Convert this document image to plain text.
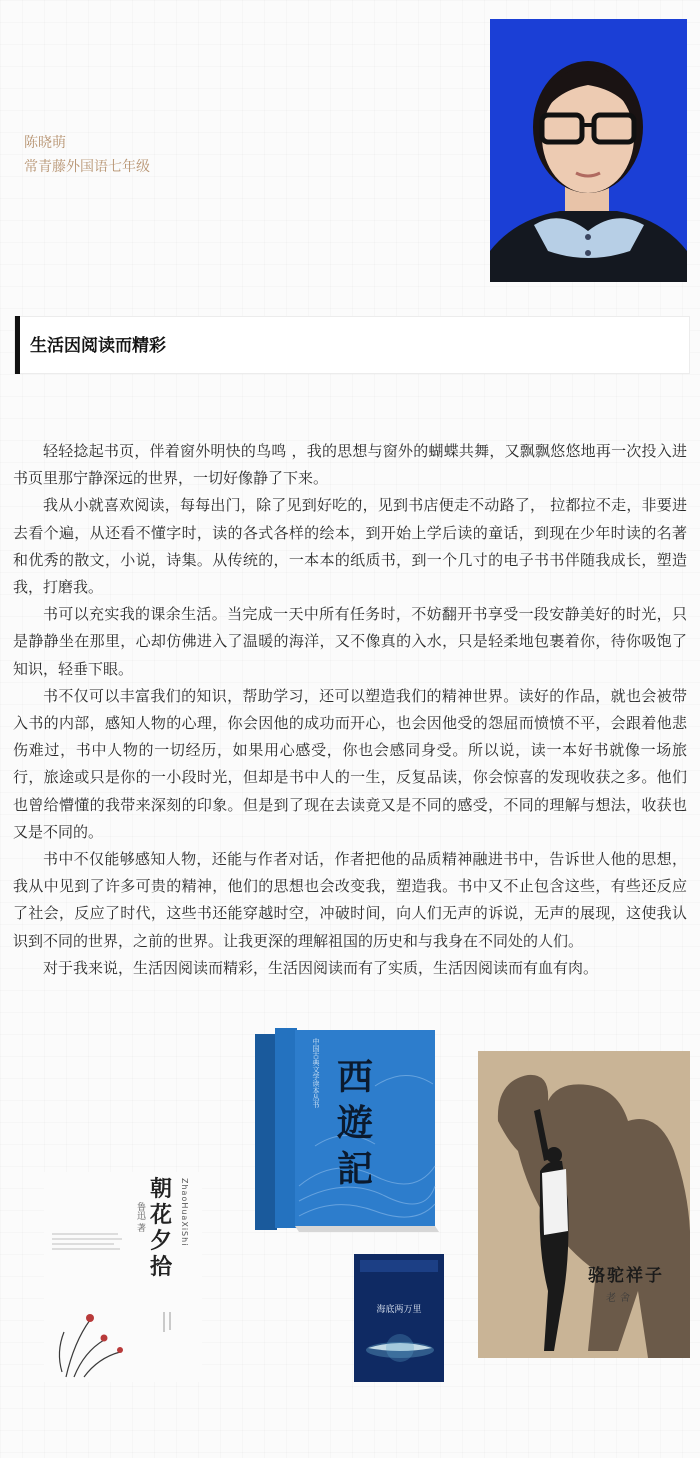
陈晓萌
常青藤外国语七年级
生活因阅读而精彩

轻轻捻起书页，伴着窗外明快的鸟鸣 ，我的思想与窗外的蝴蝶共舞，又飘飘悠悠地再一次投入进书页里那宁静深远的世界，一切好像静了下来。

我从小就喜欢阅读，每每出门，除了见到好吃的，见到书店便走不动路了， 拉都拉不走，非要进去看个遍，从还看不懂字时，读的各式各样的绘本，到开始上学后读的童话，到现在少年时读的名著和优秀的散文，小说，诗集。从传统的，一本本的纸质书，到一个几寸的电子书书伴随我成长，塑造我，打磨我。

书可以充实我的课余生活。当完成一天中所有任务时，不妨翻开书享受一段安静美好的时光，只是静静坐在那里，心却仿佛进入了温暖的海洋，又不像真的入水，只是轻柔地包裹着你，待你吸饱了知识，轻垂下眼。

书不仅可以丰富我们的知识，帮助学习，还可以塑造我们的精神世界。读好的作品，就也会被带入书的内部，感知人物的心理，你会因他的成功而开心，也会因他受的怨屈而愤愤不平，会跟着他悲伤难过，书中人物的一切经历，如果用心感受，你也会感同身受。所以说，读一本好书就像一场旅行，旅途或只是你的一小段时光，但却是书中人的一生，反复品读，你会惊喜的发现收获之多。他们也曾给懵懂的我带来深刻的印象。但是到了现在去读竟又是不同的感受，不同的理解与想法，收获也又是不同的。

书中不仅能够感知人物，还能与作者对话，作者把他的品质精神融进书中，告诉世人他的思想，我从中见到了许多可贵的精神，他们的思想也会改变我，塑造我。书中又不止包含这些，有些还反应了社会，反应了时代，这些书还能穿越时空，冲破时间，向人们无声的诉说，无声的展现，这使我认识到不同的世界，之前的世界。让我更深的理解祖国的历史和与我身在不同处的人们。

对于我来说，生活因阅读而精彩，生活因阅读而有了实质，生活因阅读而有血有肉。

朝花夕拾
ZhaoHuaXiShi
鲁迅 著
中国古典文学读本丛书 西遊記
海底两万里
骆驼祥子
老舍
